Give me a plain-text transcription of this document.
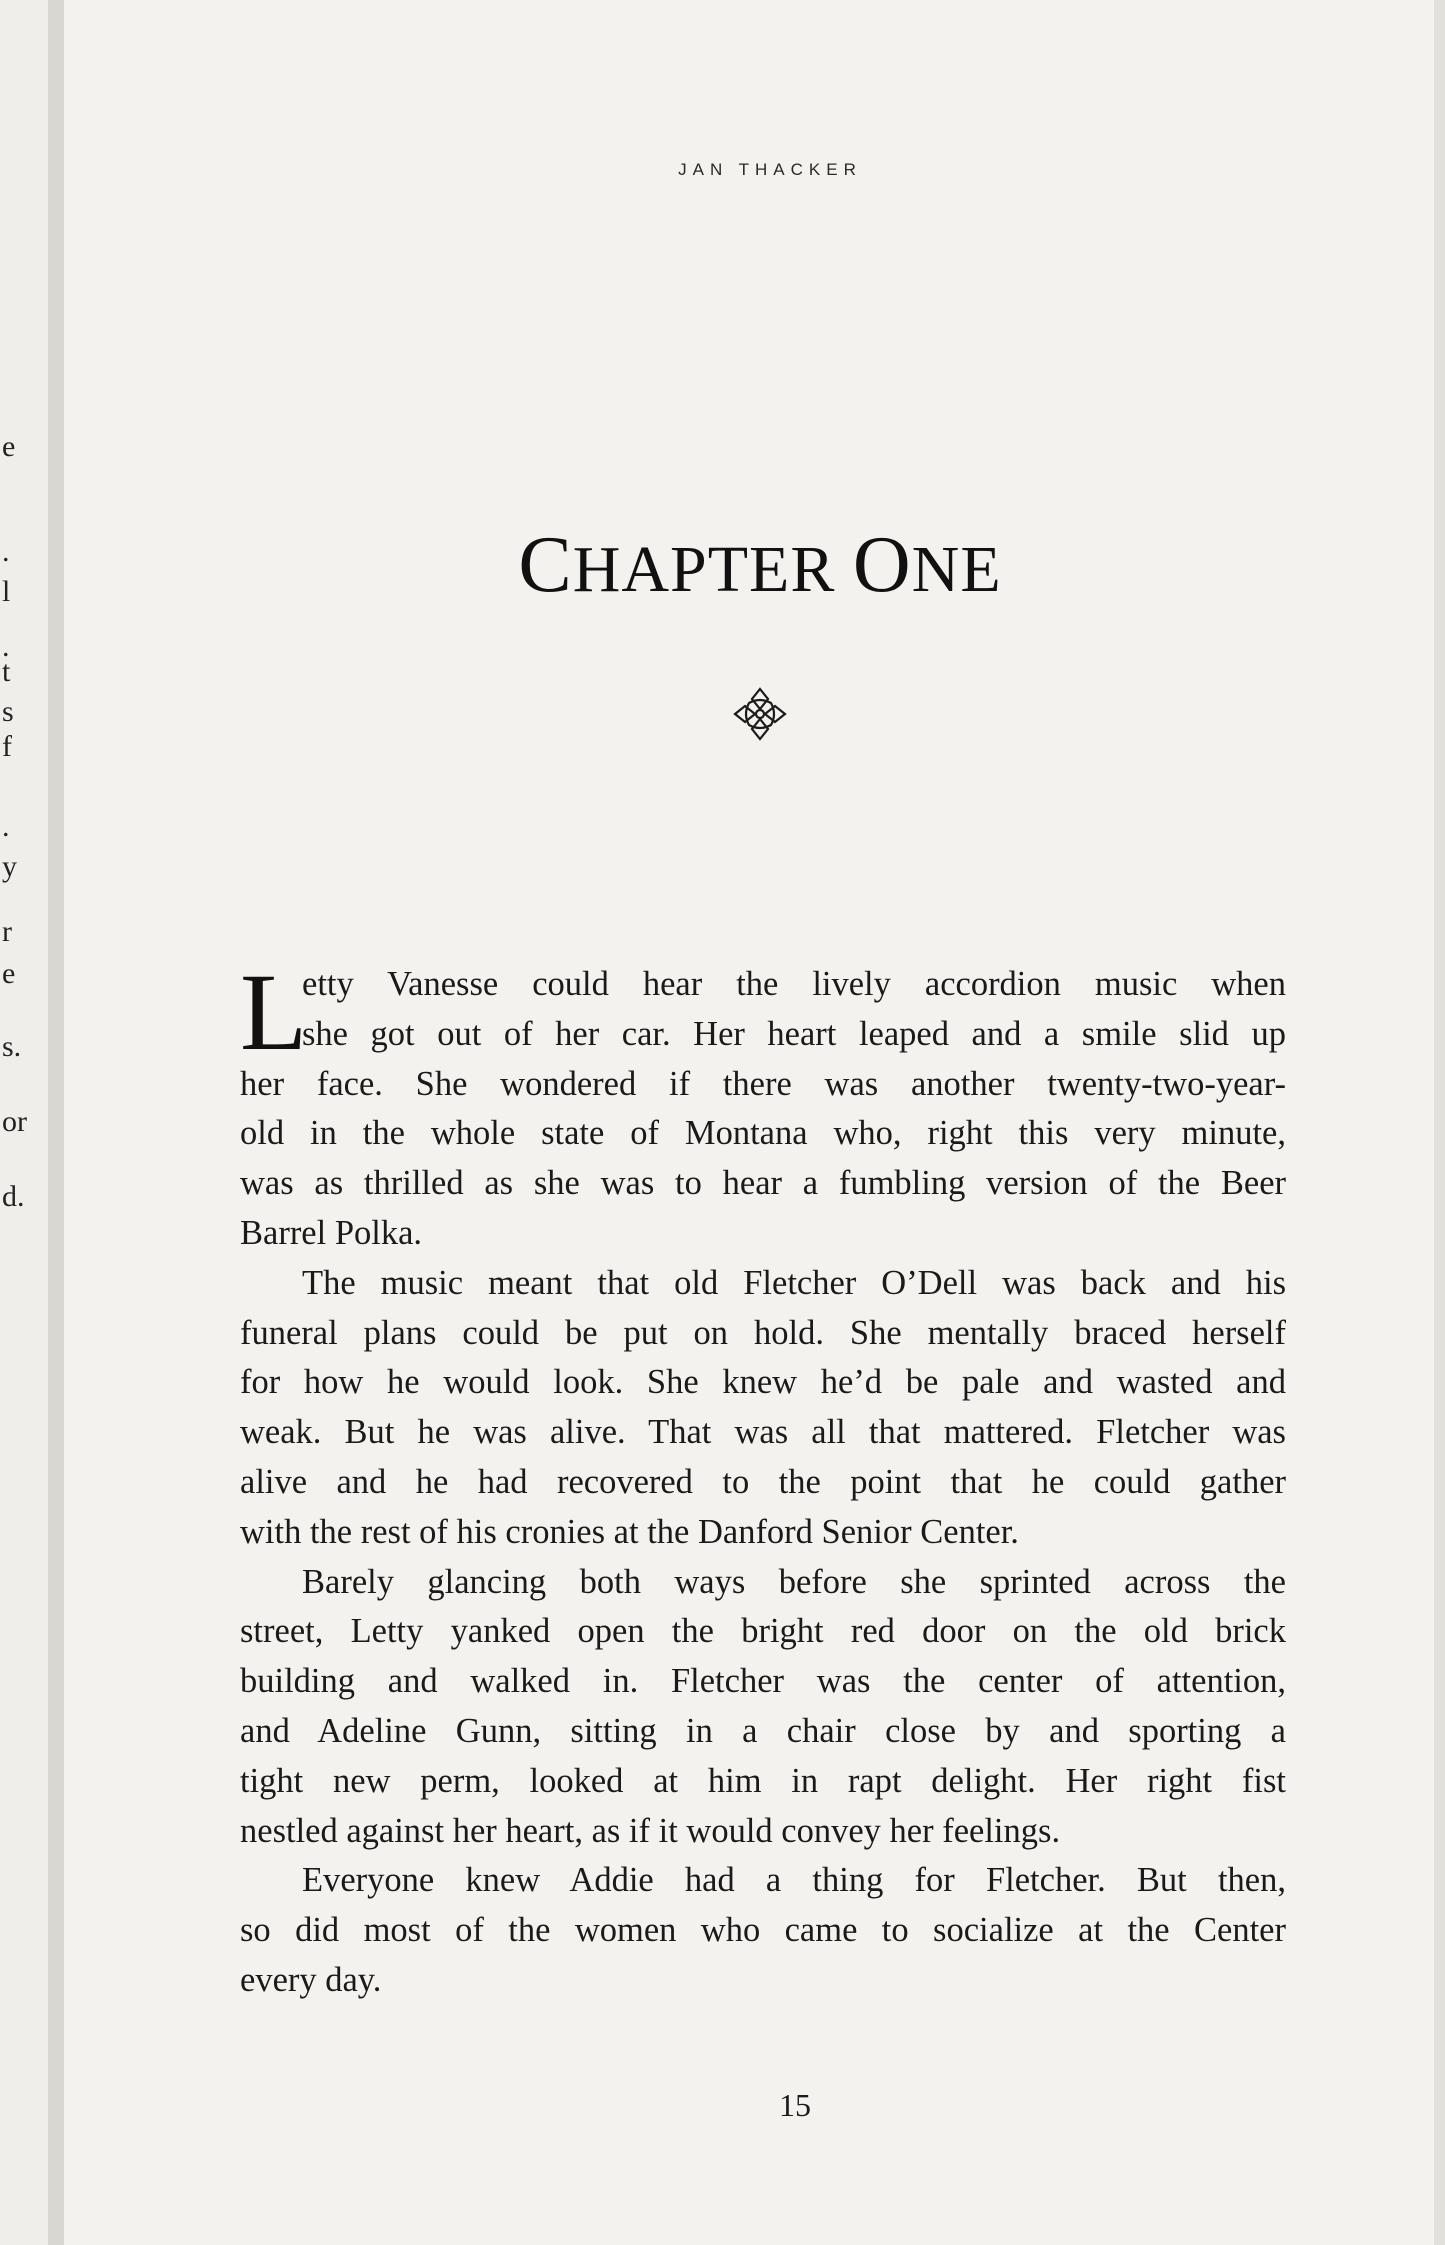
e
.
l
.
t
s
f
.
y
r
e
s.
or
d.
JAN THACKER
CHAPTER ONE
etty Vanesse could hear the lively accordion music when
she got out of her car. Her heart leaped and a smile slid up
her face. She wondered if there was another twenty-two-year-
old in the whole state of Montana who, right this very minute,
was as thrilled as she was to hear a fumbling version of the Beer
Barrel Polka.
The music meant that old Fletcher O’Dell was back and his
funeral plans could be put on hold. She mentally braced herself
for how he would look. She knew he’d be pale and wasted and
weak. But he was alive. That was all that mattered. Fletcher was
alive and he had recovered to the point that he could gather
with the rest of his cronies at the Danford Senior Center.
Barely glancing both ways before she sprinted across the
street, Letty yanked open the bright red door on the old brick
building and walked in. Fletcher was the center of attention,
and Adeline Gunn, sitting in a chair close by and sporting a
tight new perm, looked at him in rapt delight. Her right fist
nestled against her heart, as if it would convey her feelings.
Everyone knew Addie had a thing for Fletcher. But then,
so did most of the women who came to socialize at the Center
every day.
L
15
